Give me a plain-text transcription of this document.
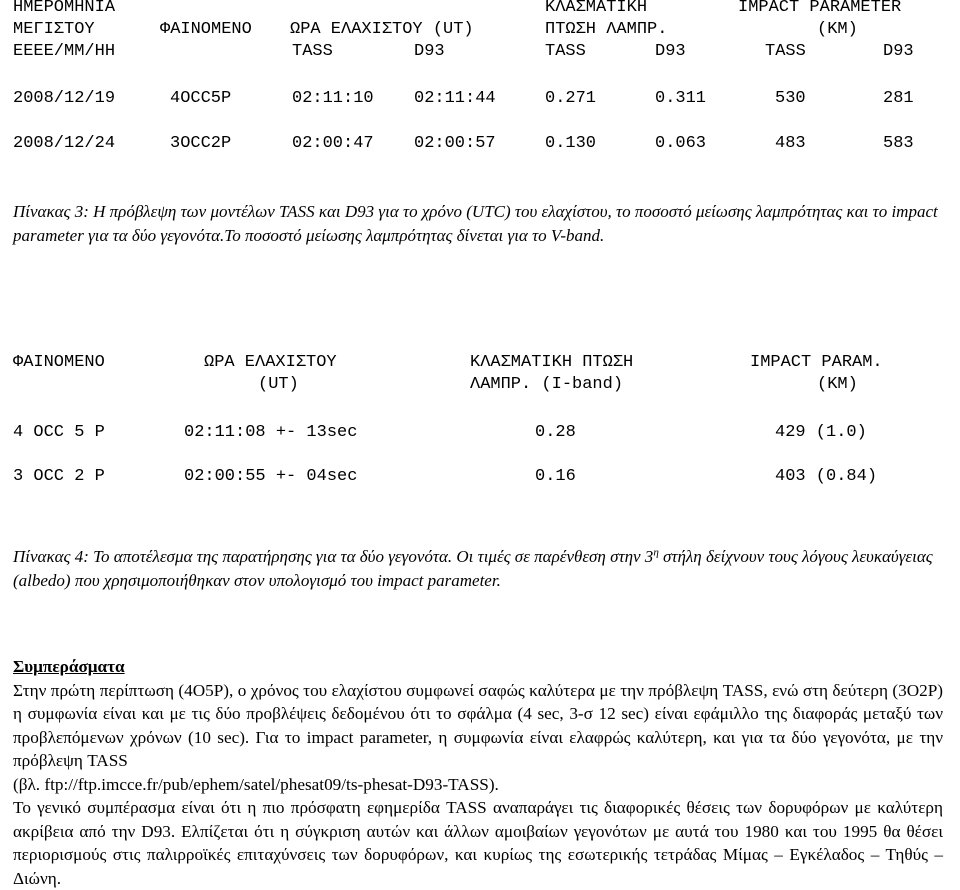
ΗΜΕΡΟΜΗΝΙΑ	ΚΛΑΣΜΑΤΙΚΗ	IMPACT PARAMETER
ΜΕΓΙΣΤΟΥ	ΦΑΙΝΟΜΕΝΟ ΩΡΑ ΕΛΑΧΙΣΤΟΥ (UT)	ΠΤΩΣΗ ΛΑΜΠΡ.	(KM)
ΕΕΕΕ/ΜΜ/ΗΗ	TASS	D93	TASS	D93	TASS	D93
2008/12/19	4OCC5P	02:11:10 02:11:44	0.271	0.311	530	281
2008/12/24	3OCC2P	02:00:47 02:00:57	0.130	0.063	483	583
Πίνακας 3: Η πρόβλεψη των μοντέλων TASS και D93 για το χρόνο (UTC) του ελαχίστου, το ποσοστό μείωσης λαμπρότητας και το impact parameter για τα δύο γεγονότα.Το ποσοστό μείωσης λαμπρότητας δίνεται για το V-band.
ΦΑΙΝΟΜΕΝΟ	ΩΡΑ ΕΛΑΧΙΣΤΟΥ	ΚΛΑΣΜΑΤΙΚΗ ΠΤΩΣΗ	IMPACT PARAM.
(UT)	ΛΑΜΠΡ. (I-band)	(KM)
4 OCC 5 P	02:11:08 +- 13sec	0.28	429 (1.0)
3 OCC 2 P	02:00:55 +- 04sec	0.16	403 (0.84)
Πίνακας 4: Το αποτέλεσμα της παρατήρησης για τα δύο γεγονότα. Οι τιμές σε παρένθεση στην $3^\eta$ στήλη δείχνουν τους λόγους λευκαύγειας (albedo) που χρησιμοποιήθηκαν στον υπολογισμό του impact parameter.

Συμπεράσματα

Στην πρώτη περίπτωση (4O5P), ο χρόνος του ελαχίστου συμφωνεί σαφώς καλύτερα με την πρόβλεψη TASS, ενώ στη δεύτερη (3O2P) η συμφωνία είναι και με τις δύο προβλέψεις δεδομένου ότι το σφάλμα (4 sec, 3-σ 12 sec) είναι εφάμιλλο της διαφοράς μεταξύ των προβλεπόμενων χρόνων (10 sec). Για το impact parameter, η συμφωνία είναι ελαφρώς καλύτερη, και για τα δύο γεγονότα, με την πρόβλεψη TASS

(βλ. ftp://ftp.imcce.fr/pub/ephem/satel/phesat09/ts-phesat-D93-TASS).

Το γενικό συμπέρασμα είναι ότι η πιο πρόσφατη εφημερίδα TASS αναπαράγει τις διαφορικές θέσεις των δορυφόρων με καλύτερη ακρίβεια από την D93. Ελπίζεται ότι η σύγκριση αυτών και άλλων αμοιβαίων γεγονότων με αυτά του 1980 και του 1995 θα θέσει περιορισμούς στις παλιρροϊκές επιταχύνσεις των δορυφόρων, και κυρίως της εσωτερικής τετράδας Μίμας – Εγκέλαδος – Τηθύς – Διώνη.
